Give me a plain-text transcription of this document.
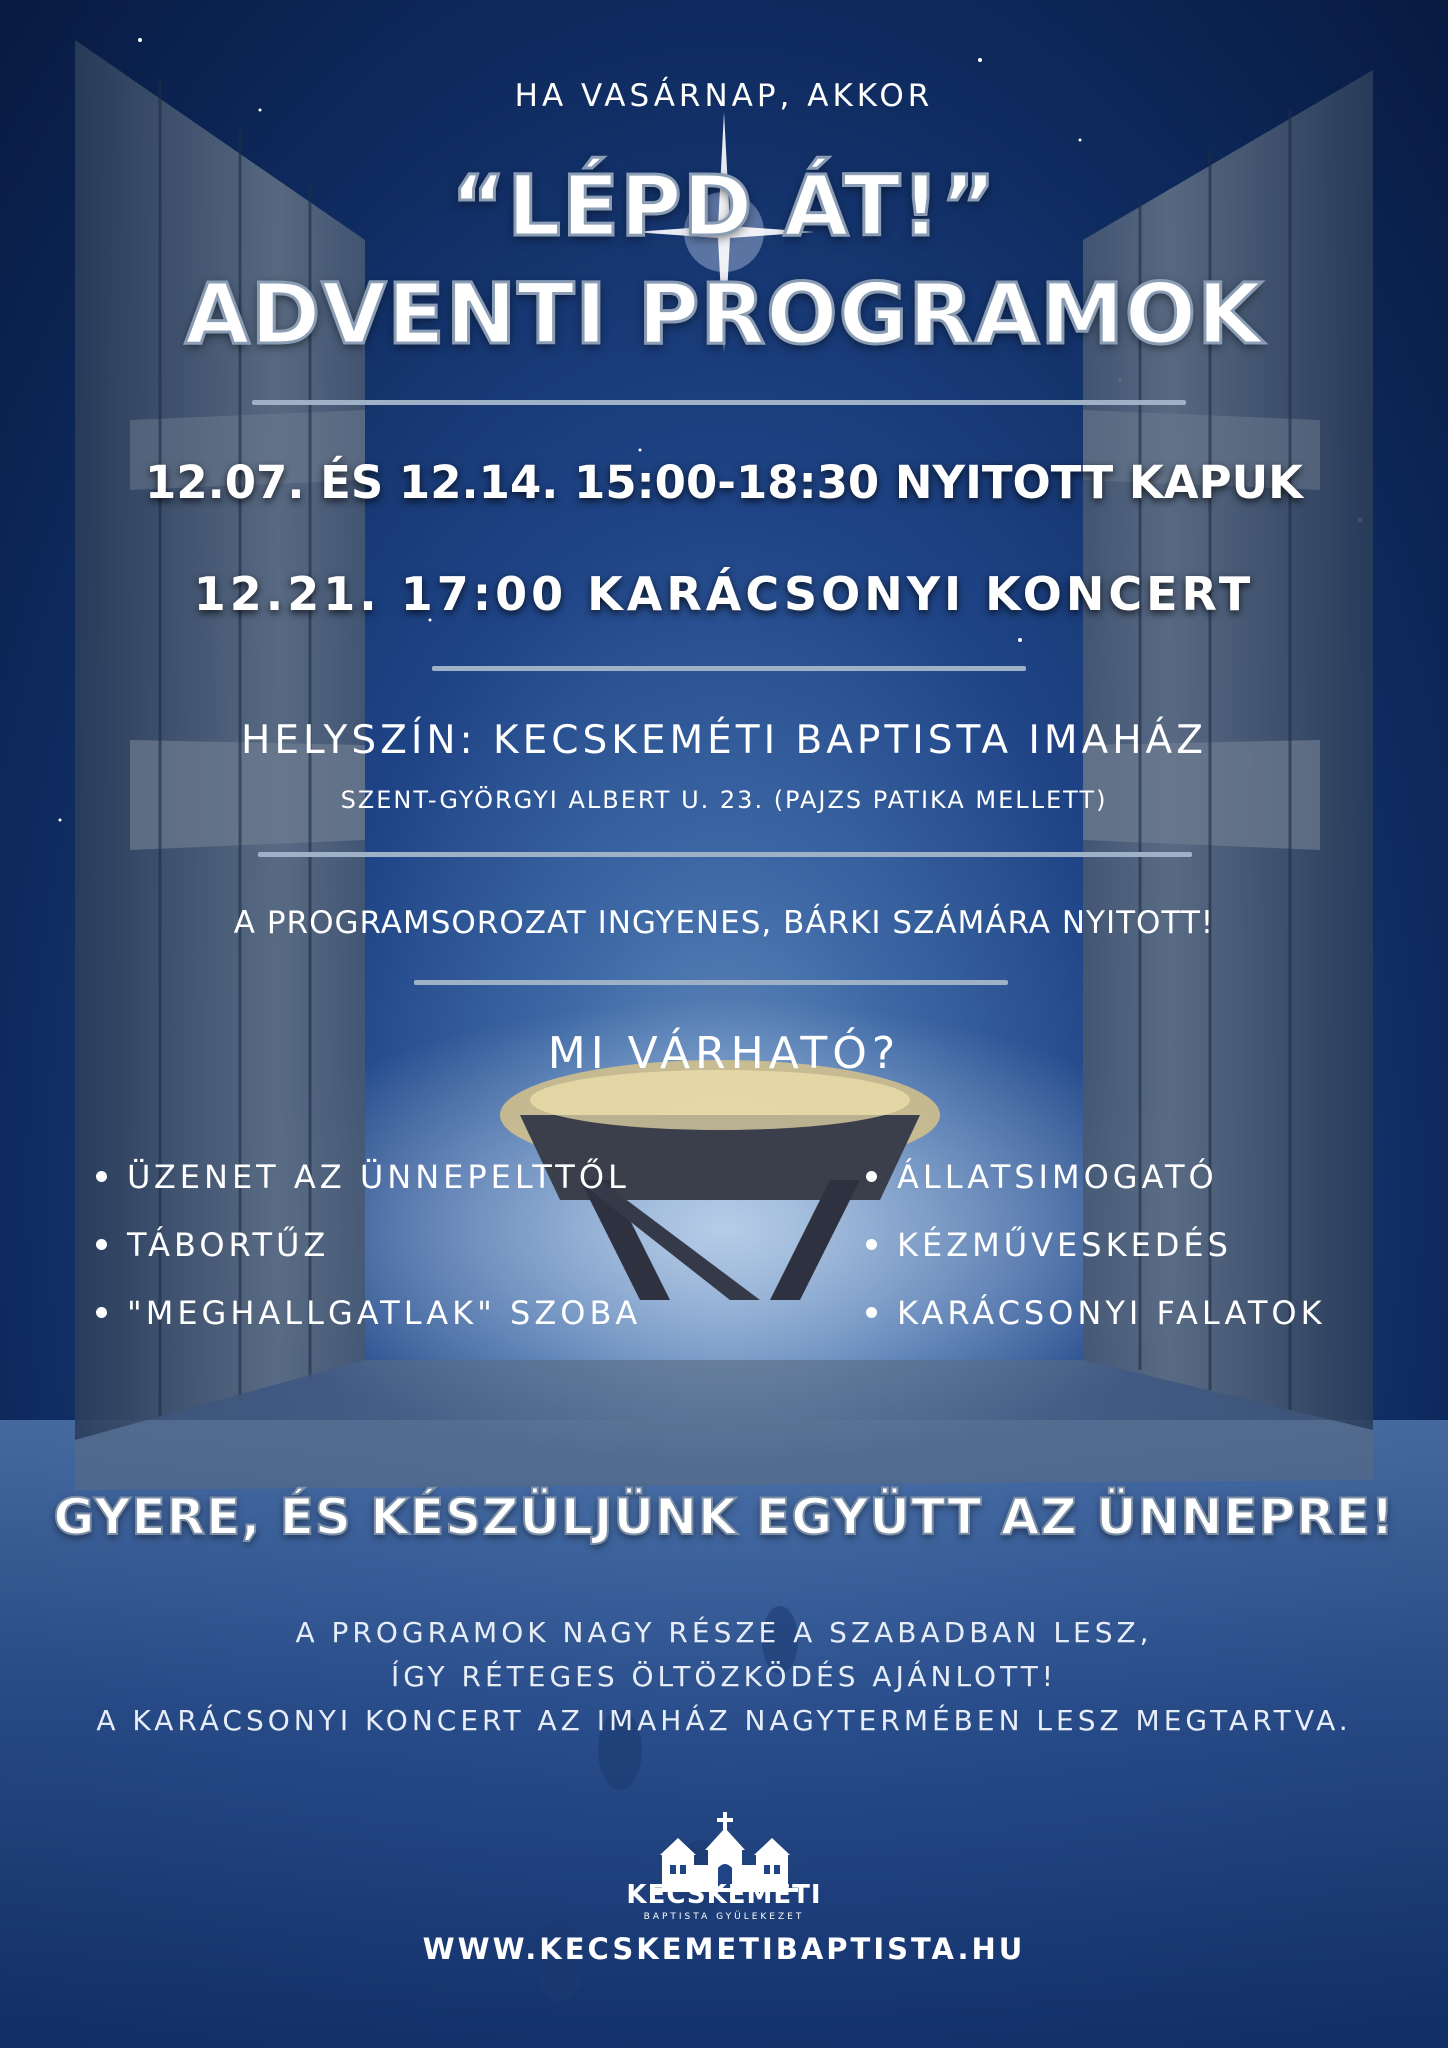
HA VASÁRNAP, AKKOR
“LÉPD ÁT!”
ADVENTI PROGRAMOK
12.07. ÉS 12.14. 15:00-18:30 NYITOTT KAPUK
12.21. 17:00 KARÁCSONYI KONCERT
HELYSZÍN: KECSKEMÉTI BAPTISTA IMAHÁZ
SZENT-GYÖRGYI ALBERT U. 23. (PAJZS PATIKA MELLETT)
A PROGRAMSOROZAT INGYENES, BÁRKI SZÁMÁRA NYITOTT!
MI VÁRHATÓ?
ÜZENET AZ ÜNNEPELTTŐL
TÁBORTŰZ
"MEGHALLGATLAK" SZOBA
ÁLLATSIMOGATÓ
KÉZMŰVESKEDÉS
KARÁCSONYI FALATOK
GYERE, ÉS KÉSZÜLJÜNK EGYÜTT AZ ÜNNEPRE!
A PROGRAMOK NAGY RÉSZE A SZABADBAN LESZ,
ÍGY RÉTEGES ÖLTÖZKÖDÉS AJÁNLOTT!
A KARÁCSONYI KONCERT AZ IMAHÁZ NAGYTERMÉBEN LESZ MEGTARTVA.
KECSKEMÉTI
BAPTISTA GYÜLEKEZET
WWW.KECSKEMETIBAPTISTA.HU
